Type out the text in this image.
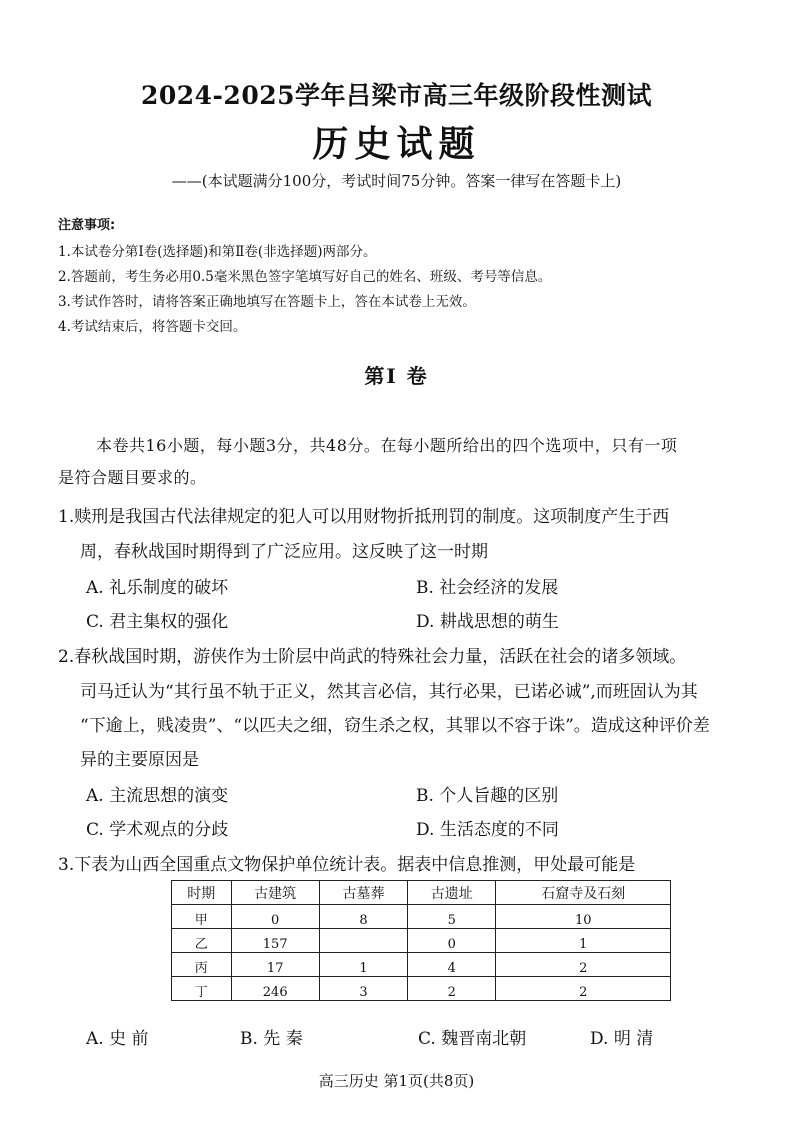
2024-2025学年吕梁市高三年级阶段性测试
历史试题
——(本试题满分100分，考试时间75分钟。答案一律写在答题卡上)
注意事项:
1.本试卷分第Ⅰ卷(选择题)和第Ⅱ卷(非选择题)两部分。
2.答题前，考生务必用0.5毫米黑色签字笔填写好自己的姓名、班级、考号等信息。
3.考试作答时，请将答案正确地填写在答题卡上，答在本试卷上无效。
4.考试结束后，将答题卡交回。
第Ⅰ 卷
本卷共16小题，每小题3分，共48分。在每小题所给出的四个选项中，只有一项
是符合题目要求的。
1.赎刑是我国古代法律规定的犯人可以用财物折抵刑罚的制度。这项制度产生于西
周，春秋战国时期得到了广泛应用。这反映了这一时期
A. 礼乐制度的破坏	B. 社会经济的发展
C. 君主集权的强化	D. 耕战思想的萌生
2.春秋战国时期，游侠作为士阶层中尚武的特殊社会力量，活跃在社会的诸多领域。
司马迁认为“其行虽不轨于正义，然其言必信，其行必果，已诺必诚”,而班固认为其
“下逾上，贱凌贵”、“以匹夫之细，窃生杀之权，其罪以不容于诛”。造成这种评价差
异的主要原因是
A. 主流思想的演变	B. 个人旨趣的区别
C. 学术观点的分歧	D. 生活态度的不同
3.下表为山西全国重点文物保护单位统计表。据表中信息推测，甲处最可能是
时期	古建筑	古墓葬	古遗址	石窟寺及石刻
甲	0	8	5	10
乙	157		0	1
丙	17	1	4	2
丁	246	3	2	2
A. 史 前	B. 先 秦	C. 魏晋南北朝	D. 明 清
高三历史 第1页(共8页)
